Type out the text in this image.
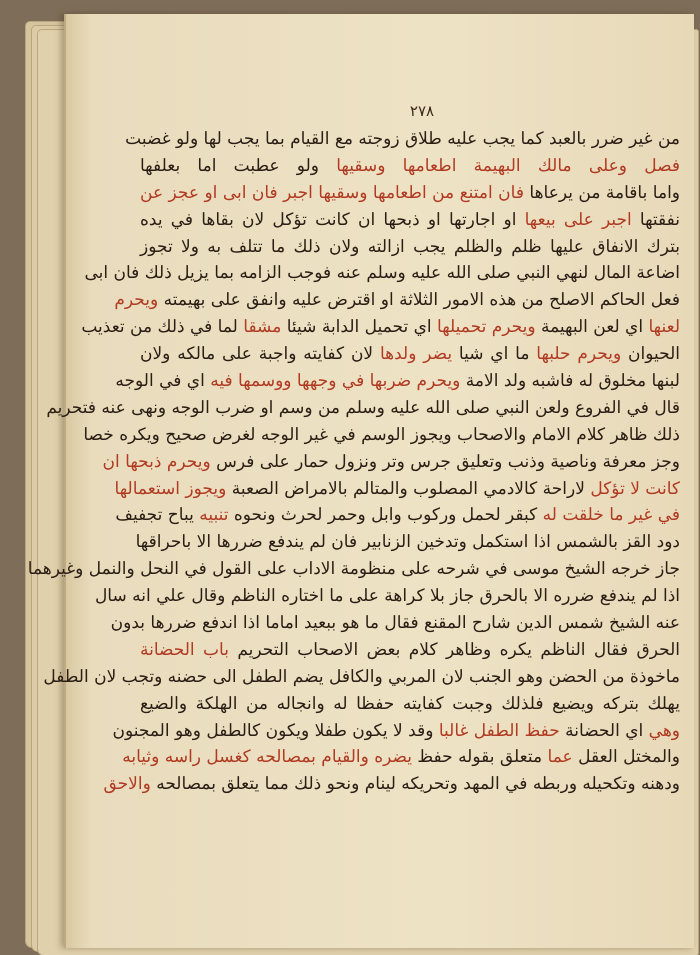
٢٧٨
من غير ضرر بالعبد كما يجب عليه طلاق زوجته مع القيام بما يجب لها ولو غضبت
فصل وعلى مالك البهيمة اطعامها وسقيها ولو عطبت اما بعلفها
واما باقامة من يرعاها فان امتنع من اطعامها وسقيها اجبر فان ابى او عجز عن
نفقتها اجبر على بيعها او اجارتها او ذبحها ان كانت تؤكل لان بقاها في يده
بترك الانفاق عليها ظلم والظلم يجب ازالته ولان ذلك ما تتلف به ولا تجوز
اضاعة المال لنهي النبي صلى الله عليه وسلم عنه فوجب الزامه بما يزيل ذلك فان ابى
فعل الحاكم الاصلح من هذه الامور الثلاثة او اقترض عليه وانفق على بهيمته ويحرم
لعنها اي لعن البهيمة ويحرم تحميلها اي تحميل الدابة شيئا مشقا لما في ذلك من تعذيب
الحيوان ويحرم حلبها ما اي شيا يضر ولدها لان كفايته واجبة على مالكه ولان
لبنها مخلوق له فاشبه ولد الامة ويحرم ضربها في وجهها ووسمها فيه اي في الوجه
قال في الفروع ولعن النبي صلى الله عليه وسلم من وسم او ضرب الوجه ونهى عنه فتحريم
ذلك ظاهر كلام الامام والاصحاب ويجوز الوسم في غير الوجه لغرض صحيح ويكره خصا
وجز معرفة وناصية وذنب وتعليق جرس وتر ونزول حمار على فرس ويحرم ذبحها ان
كانت لا تؤكل لاراحة كالادمي المصلوب والمتالم بالامراض الصعبة ويجوز استعمالها
في غير ما خلقت له كبقر لحمل وركوب وابل وحمر لحرث ونحوه تنبيه يباح تجفيف
دود القز بالشمس اذا استكمل وتدخين الزنابير فان لم يندفع ضررها الا باحراقها
جاز خرجه الشيخ موسى في شرحه على منظومة الاداب على القول في النحل والنمل وغيرهما
اذا لم يندفع ضرره الا بالحرق جاز بلا كراهة على ما اختاره الناظم وقال علي انه سال
عنه الشيخ شمس الدين شارح المقنع فقال ما هو ببعيد اماما اذا اندفع ضررها بدون
الحرق فقال الناظم يكره وظاهر كلام بعض الاصحاب التحريم باب الحضانة
ماخوذة من الحضن وهو الجنب لان المربي والكافل يضم الطفل الى حضنه وتجب لان الطفل
يهلك بتركه ويضيع فلذلك وجبت كفايته حفظا له وانجاله من الهلكة والضيع
وهي اي الحضانة حفظ الطفل غالبا وقد لا يكون طفلا ويكون كالطفل وهو المجنون
والمختل العقل عما متعلق بقوله حفظ يضره والقيام بمصالحه كغسل راسه وثيابه
ودهنه وتكحيله وربطه في المهد وتحريكه لينام ونحو ذلك مما يتعلق بمصالحه والاحق
